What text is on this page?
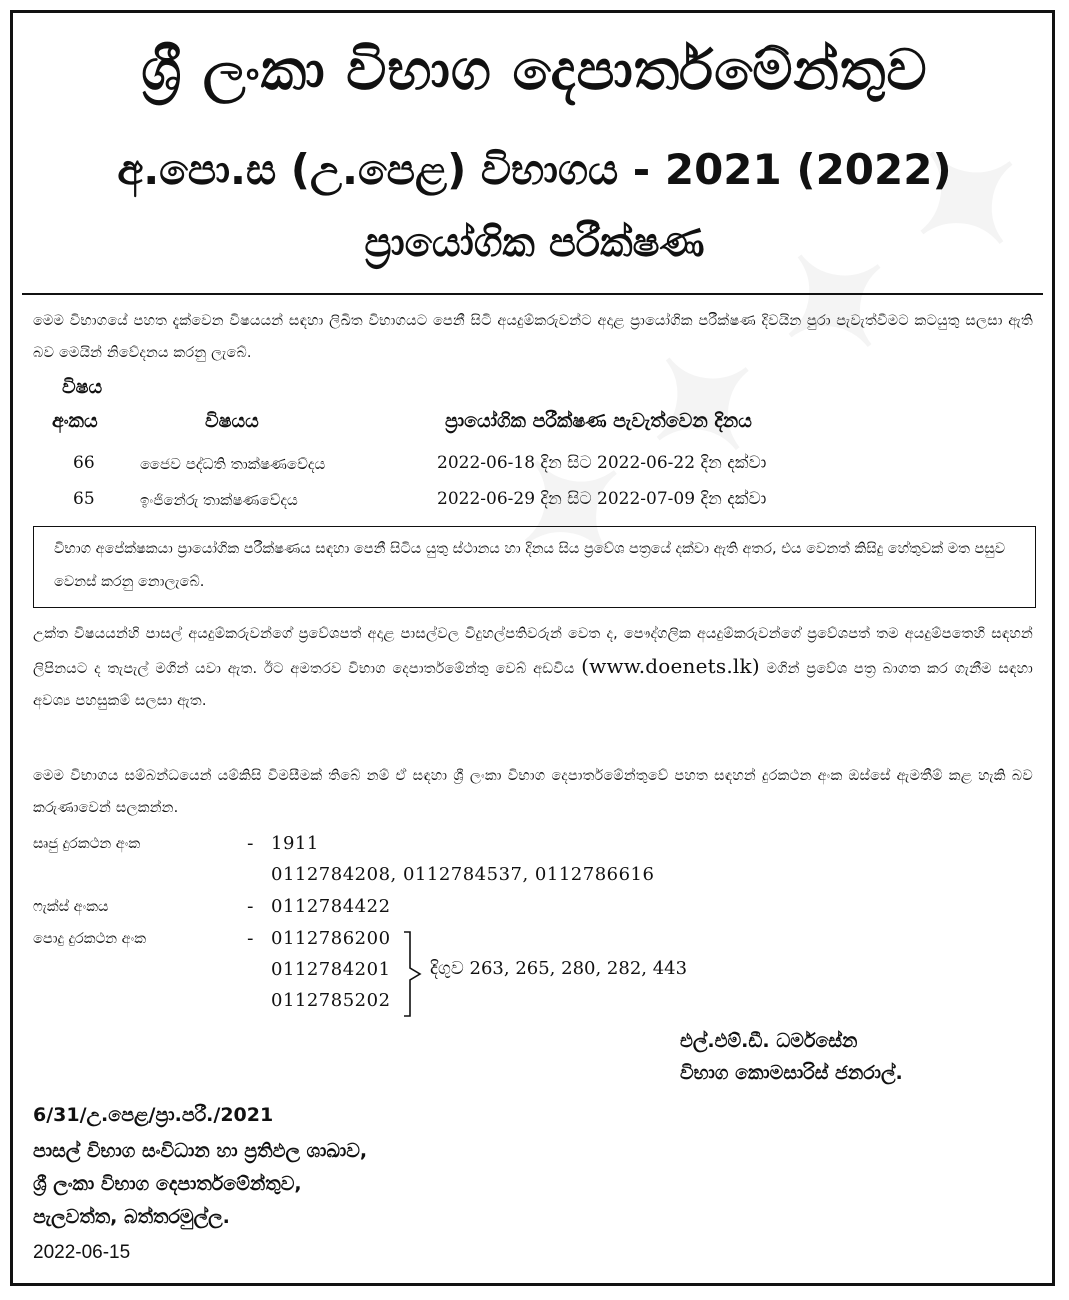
ශ්‍රී ලංකා විභාග දෙපාර්තමේන්තුව
අ.පො.ස (උ.පෙළ) විභාගය - 2021 (2022)
ප්‍රායෝගික පරීක්ෂණ
මෙම විභාගයේ පහත දැක්වෙන විෂයයන් සඳහා ලිඛිත විභාගයට පෙනී සිටි අයදුම්කරුවන්ට අදාළ ප්‍රායෝගික පරීක්ෂණ දිවයින පුරා පැවැත්වීමට කටයුතු සලසා ඇති බව මෙයින් නිවේදනය කරනු ලැබේ.
විෂය
අංකය	විෂයය	ප්‍රායෝගික පරීක්ෂණ පැවැත්වෙන දිනය
66	ජෛව පද්ධති තාක්ෂණවේදය	2022-06-18 දින සිට 2022-06-22 දින දක්වා
65	ඉංජිනේරු තාක්ෂණවේදය	2022-06-29 දින සිට 2022-07-09 දින දක්වා
විභාග අපේක්ෂකයා ප්‍රායෝගික පරීක්ෂණය සඳහා පෙනී සිටිය යුතු ස්ථානය හා දිනය සිය ප්‍රවේශ පත්‍රයේ දක්වා ඇති අතර, එය වෙනත් කිසිදු හේතුවක් මත පසුව වෙනස් කරනු නොලැබේ.
උක්ත විෂයයන්හි පාසල් අයදුම්කරුවන්ගේ ප්‍රවේශපත් අදාළ පාසල්වල විදුහල්පතිවරුන් වෙත ද, පෞද්ගලික අයදුම්කරුවන්ගේ ප්‍රවේශපත් තම අයදුම්පතෙහි සඳහන් ලිපිනයට ද තැපැල් මගින් යවා ඇත. ඊට අමතරව විභාග දෙපාර්තමේන්තු වෙබ් අඩවිය (www.doenets.lk) මගින් ප්‍රවේශ පත්‍ර බාගත කර ගැනීම සඳහා අවශ්‍ය පහසුකම් සලසා ඇත.
මෙම විභාගය සම්බන්ධයෙන් යම්කිසි විමසීමක් තිබේ නම් ඒ සඳහා ශ්‍රී ලංකා විභාග දෙපාර්තමේන්තුවේ පහත සඳහන් දුරකථන අංක ඔස්සේ ඇමතීම් කළ හැකි බව කරුණාවෙන් සලකන්න.
සෘජු දුරකථන අංක	- 1911
0112784208, 0112784537, 0112786616
ෆැක්ස් අංකය	- 0112784422
පොදු දුරකථන අංක	- 0112786200
0112784201
0112785202
දිගුව 263, 265, 280, 282, 443
එල්.එම්.ඩී. ධර්මසේන
විභාග කොමසාරිස් ජනරාල්.
6/31/උ.පෙළ/ප්‍රා.පරී./2021
පාසල් විභාග සංවිධාන හා ප්‍රතිඵල ශාඛාව,
ශ්‍රී ලංකා විභාග දෙපාර්තමේන්තුව,
පැලවත්ත, බත්තරමුල්ල.
2022-06-15
